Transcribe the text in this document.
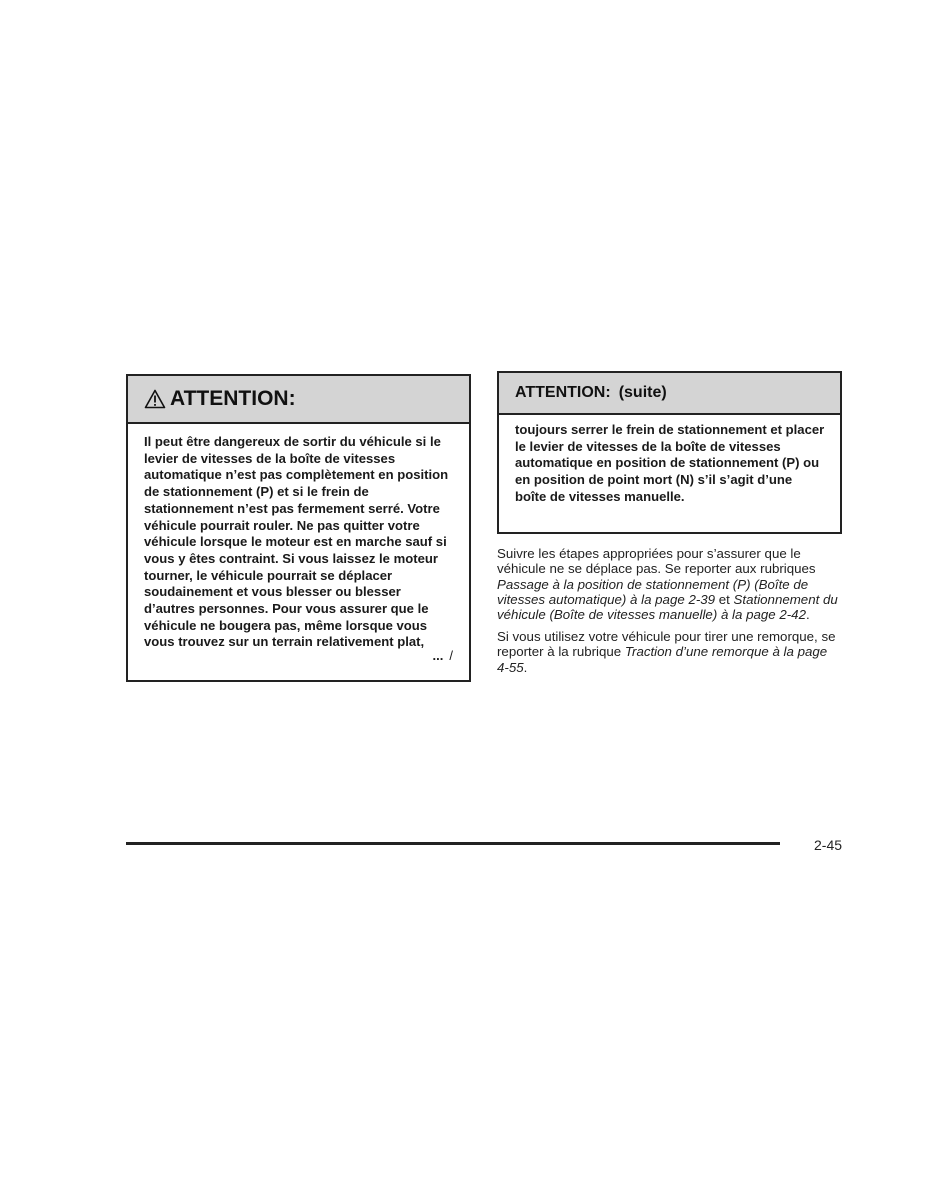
ATTENTION:

Il peut être dangereux de sortir du véhicule si le levier de vitesses de la boîte de vitesses automatique n’est pas complètement en position de stationnement (P) et si le frein de stationnement n’est pas fermement serré. Votre véhicule pourrait rouler. Ne pas quitter votre véhicule lorsque le moteur est en marche sauf si vous y êtes contraint. Si vous laissez le moteur tourner, le véhicule pourrait se déplacer soudainement et vous blesser ou blesser d’autres personnes. Pour vous assurer que le véhicule ne bougera pas, même lorsque vous vous trouvez sur un terrain relativement plat,

... /
ATTENTION: (suite)

toujours serrer le frein de stationnement et placer le levier de vitesses de la boîte de vitesses automatique en position de stationnement (P) ou en position de point mort (N) s’il s’agit d’une boîte de vitesses manuelle.

Suivre les étapes appropriées pour s’assurer que le véhicule ne se déplace pas. Se reporter aux rubriques Passage à la position de stationnement (P) (Boîte de vitesses automatique) à la page 2-39 et Stationnement du véhicule (Boîte de vitesses manuelle) à la page 2-42.

Si vous utilisez votre véhicule pour tirer une remorque, se reporter à la rubrique Traction d’une remorque à la page 4-55.

2-45
